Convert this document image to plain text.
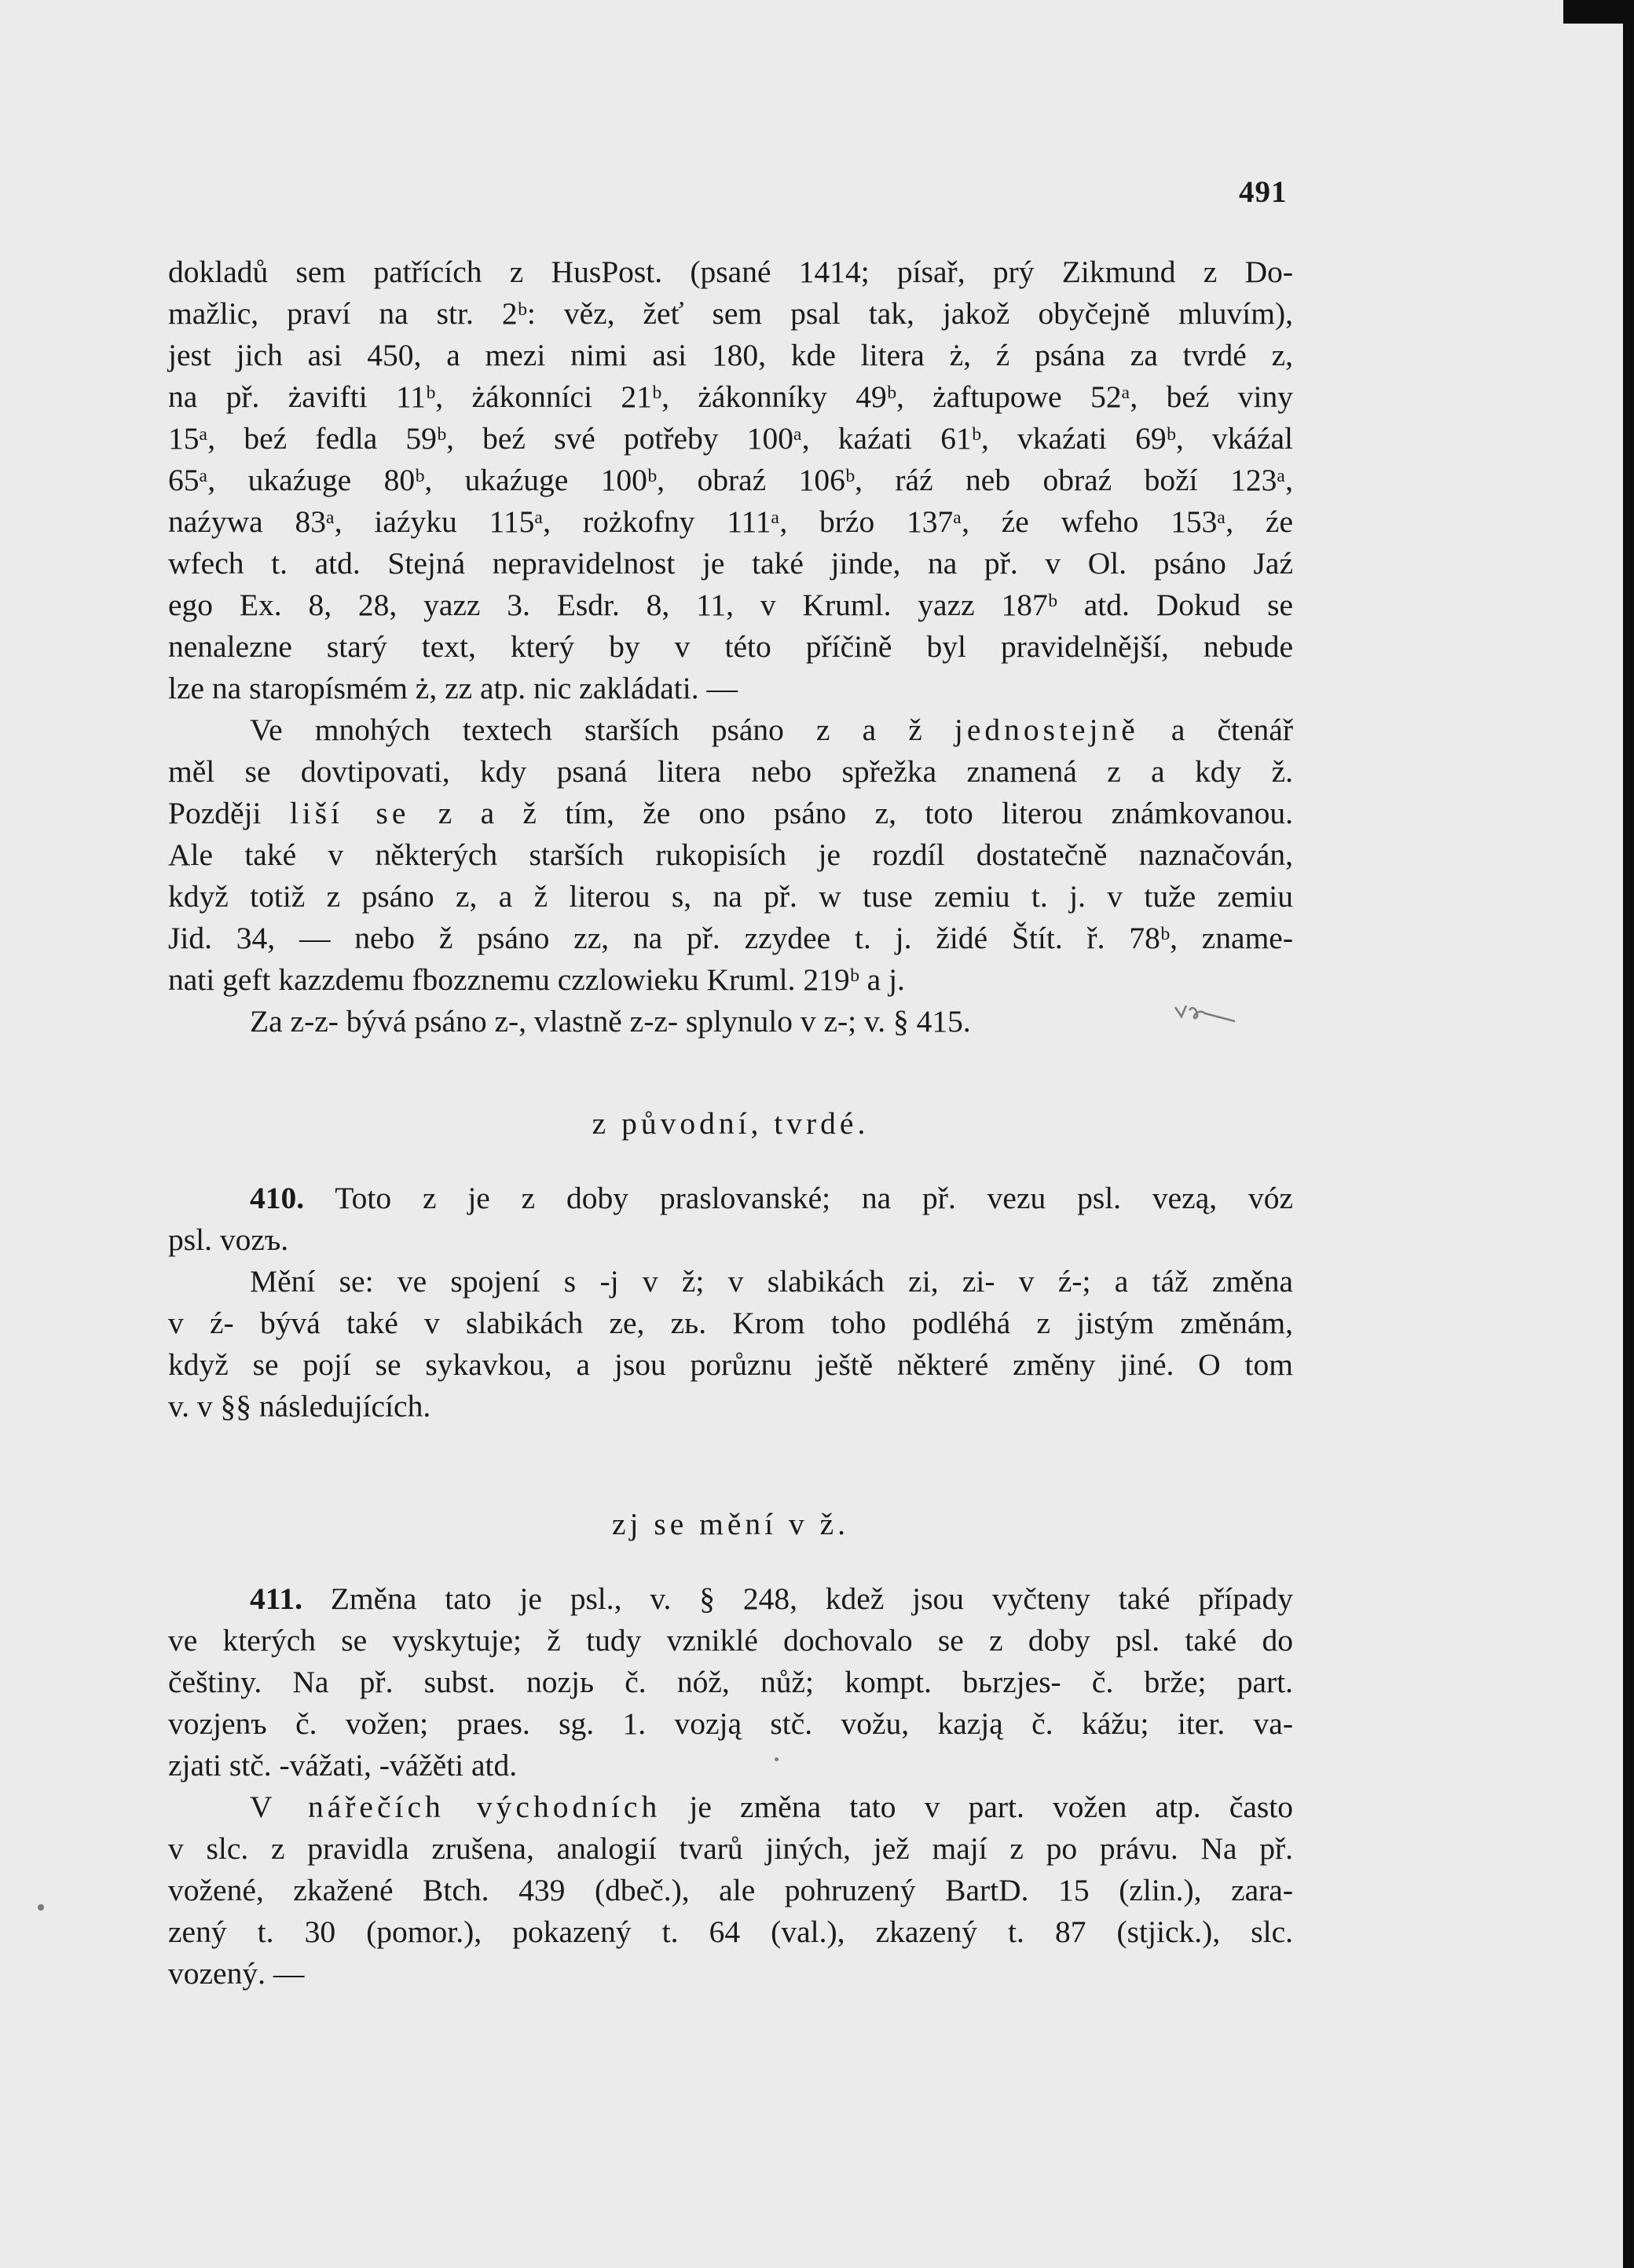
491
dokladů sem patřících z HusPost. (psané 1414; písař, prý Zikmund z Do-
mažlic, praví na str. 2ᵇ: věz, žeť sem psal tak, jakož obyčejně mluvím),
jest jich asi 450, a mezi nimi asi 180, kde litera ż, ź psána za tvrdé z,
na př. żavifti 11ᵇ, żákonníci 21ᵇ, żákonníky 49ᵇ, żaftupowe 52ᵃ, beź viny
15ᵃ, beź fedla 59ᵇ, beź své potřeby 100ᵃ, kaźati 61ᵇ, vkaźati 69ᵇ, vkáźal
65ᵃ, ukaźuge 80ᵇ, ukaźuge 100ᵇ, obraź 106ᵇ, ráź neb obraź boží 123ᵃ,
naźywa 83ᵃ, iaźyku 115ᵃ, rożkofny 111ᵃ, brźo 137ᵃ, źe wfeho 153ᵃ, źe
wfech t. atd. Stejná nepravidelnost je také jinde, na př. v Ol. psáno Jaź
ego Ex. 8, 28, yazz 3. Esdr. 8, 11, v Kruml. yazz 187ᵇ atd. Dokud se
nenalezne starý text, který by v této příčině byl pravidelnější, nebude
lze na staropísmém ż, zz atp. nic zakládati. —
Ve mnohých textech starších psáno z a ž jednostejně a čtenář
měl se dovtipovati, kdy psaná litera nebo spřežka znamená z a kdy ž.
Později liší se z a ž tím, že ono psáno z, toto literou známkovanou.
Ale také v některých starších rukopisích je rozdíl dostatečně naznačován,
když totiž z psáno z, a ž literou s, na př. w tuse zemiu t. j. v tuže zemiu
Jid. 34, — nebo ž psáno zz, na př. zzydee t. j. židé Štít. ř. 78ᵇ, zname-
nati geft kazzdemu fbozznemu czzlowieku Kruml. 219ᵇ a j.
Za z-z- bývá psáno z-, vlastně z-z- splynulo v z-; v. § 415.
z původní, tvrdé.
410. Toto z je z doby praslovanské; na př. vezu psl. vezą, vóz
psl. vozъ.
Mění se: ve spojení s -j v ž; v slabikách zi, zi- v ź-; a táž změna
v ź- bývá také v slabikách ze, zь. Krom toho podléhá z jistým změnám,
když se pojí se sykavkou, a jsou porůznu ještě některé změny jiné. O tom
v. v §§ následujících.
zj se mění v ž.
411. Změna tato je psl., v. § 248, kdež jsou vyčteny také případy
ve kterých se vyskytuje; ž tudy vzniklé dochovalo se z doby psl. také do
češtiny. Na př. subst. nozjь č. nóž, nůž; kompt. bьrzjes- č. brže; part.
vozjenъ č. vožen; praes. sg. 1. vozją stč. vožu, kazją č. kážu; iter. va-
zjati stč. -vážati, -vážěti atd.
V nářečích východních je změna tato v part. vožen atp. často
v slc. z pravidla zrušena, analogií tvarů jiných, jež mají z po právu. Na př.
vožené, zkažené Btch. 439 (dbeč.), ale pohruzený BartD. 15 (zlin.), zara-
zený t. 30 (pomor.), pokazený t. 64 (val.), zkazený t. 87 (stjick.), slc.
vozený. —
